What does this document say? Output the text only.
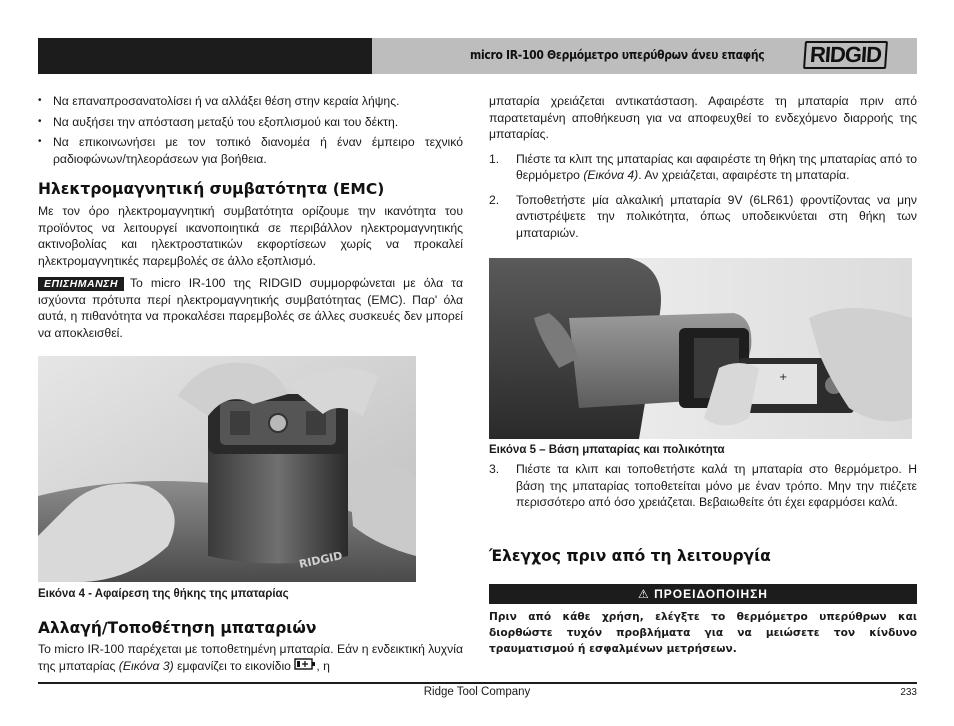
micro IR-100 Θερμόμετρο υπερύθρων άνευ επαφής	RIDGID
• Να επαναπροσανατολίσει ή να αλλάξει θέση στην κεραία λήψης.
• Να αυξήσει την απόσταση μεταξύ του εξοπλισμού και του δέκτη.
• Να επικοινωνήσει με τον τοπικό διανομέα ή έναν έμπειρο τεχνικό ραδιοφώνων/τηλεοράσεων για βοήθεια.
Ηλεκτρομαγνητική συμβατότητα (EMC)

Με τον όρο ηλεκτρομαγνητική συμβατότητα ορίζουμε την ικανότητα του προϊόντος να λειτουργεί ικανοποιητικά σε περιβάλλον ηλεκτρομαγνητικής ακτινοβολίας και ηλεκτροστατικών εκφορτίσεων χωρίς να προκαλεί ηλεκτρομαγνητικές παρεμβολές σε άλλο εξοπλισμό.

ΕΠΙΣΗΜΑΝΣΗ Το micro IR-100 της RIDGID συμμορφώνεται με όλα τα ισχύοντα πρότυπα περί ηλεκτρομαγνητικής συμβατότητας (EMC). Παρ' όλα αυτά, η πιθανότητα να προκαλέσει παρεμβολές σε άλλες συσκευές δεν μπορεί να αποκλεισθεί.

RIDGID
Εικόνα 4 - Αφαίρεση της θήκης της μπαταρίας
Αλλαγή/Τοποθέτηση μπαταριών

Το micro IR-100 παρέχεται με τοποθετημένη μπαταρία. Εάν η ενδεικτική λυχνία της μπαταρίας (Εικόνα 3) εμφανίζει το εικονίδιο , η

μπαταρία χρειάζεται αντικατάσταση. Αφαιρέστε τη μπαταρία πριν από παρατεταμένη αποθήκευση για να αποφευχθεί το ενδεχόμενο διαρροής της μπαταρίας.

1. Πιέστε τα κλιπ της μπαταρίας και αφαιρέστε τη θήκη της μπαταρίας από το θερμόμετρο (Εικόνα 4). Αν χρειάζεται, αφαιρέστε τη μπαταρία.
2. Τοποθετήστε μία αλκαλική μπαταρία 9V (6LR61) φροντίζοντας να μην αντιστρέψετε την πολικότητα, όπως υποδεικνύεται στη θήκη των μπαταριών.
+
Εικόνα 5 – Βάση μπαταρίας και πολικότητα
3. Πιέστε τα κλιπ και τοποθετήστε καλά τη μπαταρία στο θερμόμετρο. Η βάση της μπαταρίας τοποθετείται μόνο με έναν τρόπο. Μην την πιέζετε περισσότερο από όσο χρειάζεται. Βεβαιωθείτε ότι έχει εφαρμόσει καλά.
Έλεγχος πριν από τη λειτουργία
⚠ ΠΡΟΕΙΔΟΠΟΙΗΣΗ
Πριν από κάθε χρήση, ελέγξτε το θερμόμετρο υπερύθρων και διορθώστε τυχόν προβλήματα για να μειώσετε τον κίνδυνο τραυματισμού ή εσφαλμένων μετρήσεων.
Ridge Tool Company	233
